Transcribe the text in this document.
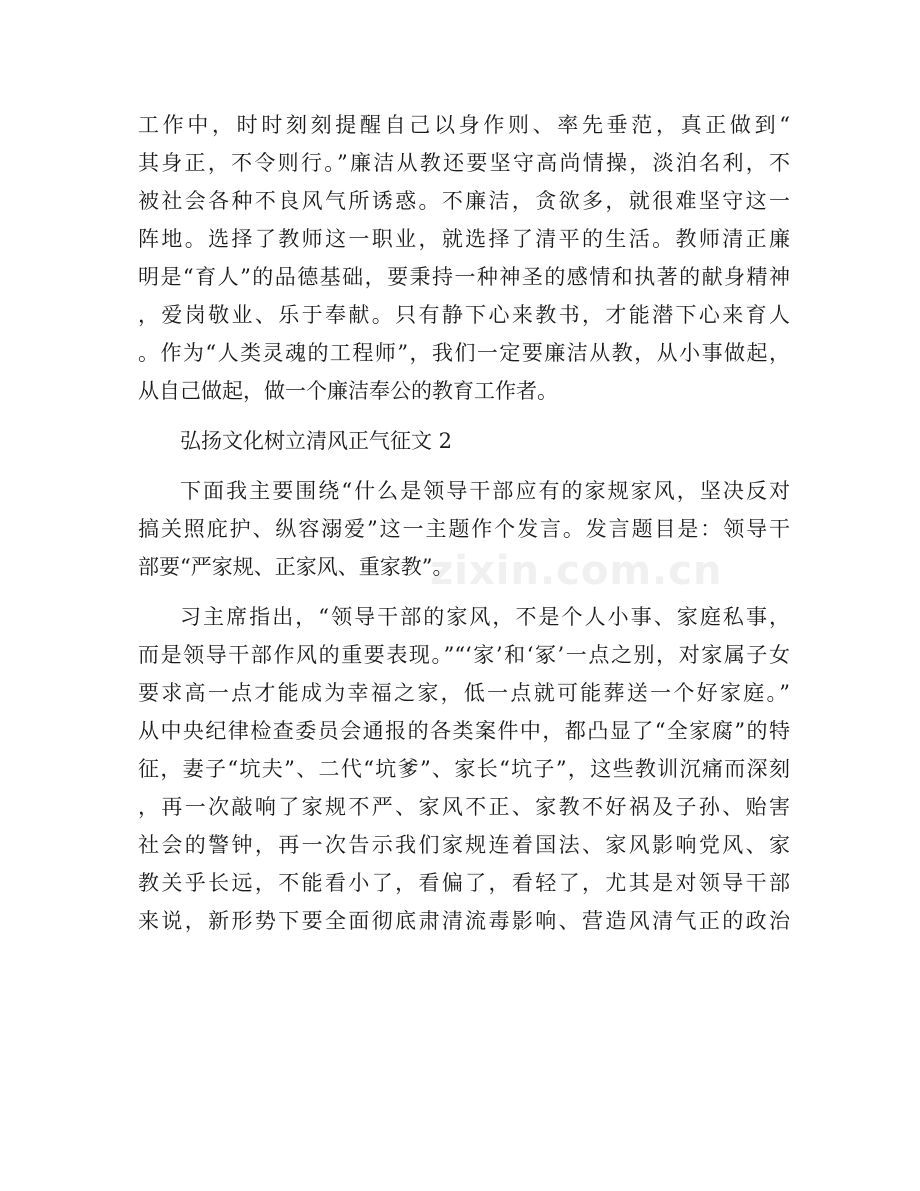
zixin.com.cn
工作中，时时刻刻提醒自己以身作则、率先垂范，真正做到“
其身正，不令则行。”廉洁从教还要坚守高尚情操，淡泊名利，不
被社会各种不良风气所诱惑。不廉洁，贪欲多，就很难坚守这一
阵地。选择了教师这一职业，就选择了清平的生活。教师清正廉
明是“育人”的品德基础，要秉持一种神圣的感情和执著的献身精神
，爱岗敬业、乐于奉献。只有静下心来教书，才能潜下心来育人
。作为“人类灵魂的工程师”，我们一定要廉洁从教，从小事做起，
从自己做起，做一个廉洁奉公的教育工作者。
弘扬文化树立清风正气征文 2
下面我主要围绕“什么是领导干部应有的家规家风，坚决反对
搞关照庇护、纵容溺爱”这一主题作个发言。发言题目是：领导干
部要“严家规、正家风、重家教”。
习主席指出，“领导干部的家风，不是个人小事、家庭私事，
而是领导干部作风的重要表现。”“‘家’和‘冢’一点之别，对家属子女
要求高一点才能成为幸福之家，低一点就可能葬送一个好家庭。”
从中央纪律检查委员会通报的各类案件中，都凸显了“全家腐”的特
征，妻子“坑夫”、二代“坑爹”、家长“坑子”，这些教训沉痛而深刻
，再一次敲响了家规不严、家风不正、家教不好祸及子孙、贻害
社会的警钟，再一次告示我们家规连着国法、家风影响党风、家
教关乎长远，不能看小了，看偏了，看轻了，尤其是对领导干部
来说，新形势下要全面彻底肃清流毒影响、营造风清气正的政治
